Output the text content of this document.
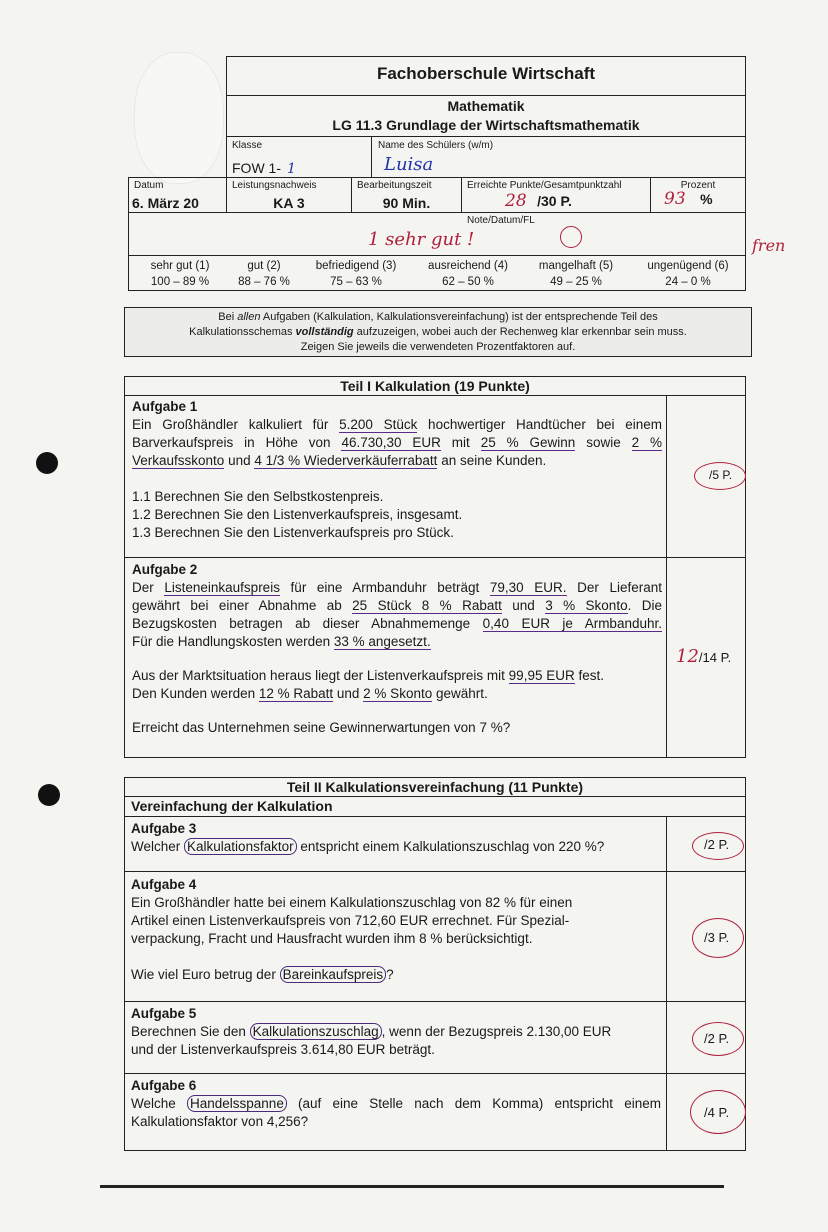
Fachoberschule Wirtschaft
Mathematik
LG 11.3 Grundlage der Wirtschaftsmathematik
Klasse
FOW 1- 1
Name des Schülers (w/m)
Luisa
Datum
6. März 20
Leistungsnachweis
KA 3
Bearbeitungszeit
90 Min.
Erreichte Punkte/Gesamtpunktzahl
28 /30 P.
Prozent
93 %
Note/Datum/FL
1 sehr gut !	fren
sehr gut (1)
100 – 89 %
gut (2)
88 – 76 %
befriedigend (3)
75 – 63 %
ausreichend (4)
62 – 50 %
mangelhaft (5)
49 – 25 %
ungenügend (6)
24 – 0 %
Bei allen Aufgaben (Kalkulation, Kalkulationsvereinfachung) ist der entsprechende Teil des
Kalkulationsschemas vollständig aufzuzeigen, wobei auch der Rechenweg klar erkennbar sein muss.
Zeigen Sie jeweils die verwendeten Prozentfaktoren auf.
Teil I Kalkulation (19 Punkte)
Aufgabe 1
Ein Großhändler kalkuliert für 5.200 Stück hochwertiger Handtücher bei einem
Barverkaufspreis in Höhe von 46.730,30 EUR mit 25 % Gewinn sowie 2 %
Verkaufsskonto und 4 1/3 % Wiederverkäuferrabatt an seine Kunden.
1.1 Berechnen Sie den Selbstkostenpreis.
1.2 Berechnen Sie den Listenverkaufspreis, insgesamt.
1.3 Berechnen Sie den Listenverkaufspreis pro Stück.
/5 P.
Aufgabe 2
Der Listeneinkaufspreis für eine Armbanduhr beträgt 79,30 EUR. Der Lieferant
gewährt bei einer Abnahme ab 25 Stück 8 % Rabatt und 3 % Skonto. Die
Bezugskosten betragen ab dieser Abnahmemenge 0,40 EUR je Armbanduhr.
Für die Handlungskosten werden 33 % angesetzt.
Aus der Marktsituation heraus liegt der Listenverkaufspreis mit 99,95 EUR fest.
Den Kunden werden 12 % Rabatt und 2 % Skonto gewährt.
Erreicht das Unternehmen seine Gewinnerwartungen von 7 %?
12/14 P.
Teil II Kalkulationsvereinfachung (11 Punkte)
Vereinfachung der Kalkulation
Aufgabe 3
Welcher Kalkulationsfaktor entspricht einem Kalkulationszuschlag von 220 %?	/2 P.
Aufgabe 4
Ein Großhändler hatte bei einem Kalkulationszuschlag von 82 % für einen
Artikel einen Listenverkaufspreis von 712,60 EUR errechnet. Für Spezial-
verpackung, Fracht und Hausfracht wurden ihm 8 % berücksichtigt.
Wie viel Euro betrug der Bareinkaufspreis ?
/3 P.
Aufgabe 5
Berechnen Sie den Kalkulationszuschlag , wenn der Bezugspreis 2.130,00 EUR
und der Listenverkaufspreis 3.614,80 EUR beträgt.
/2 P.
Aufgabe 6
Welche Handelsspanne (auf eine Stelle nach dem Komma) entspricht einem
Kalkulationsfaktor von 4,256?
/4 P.
